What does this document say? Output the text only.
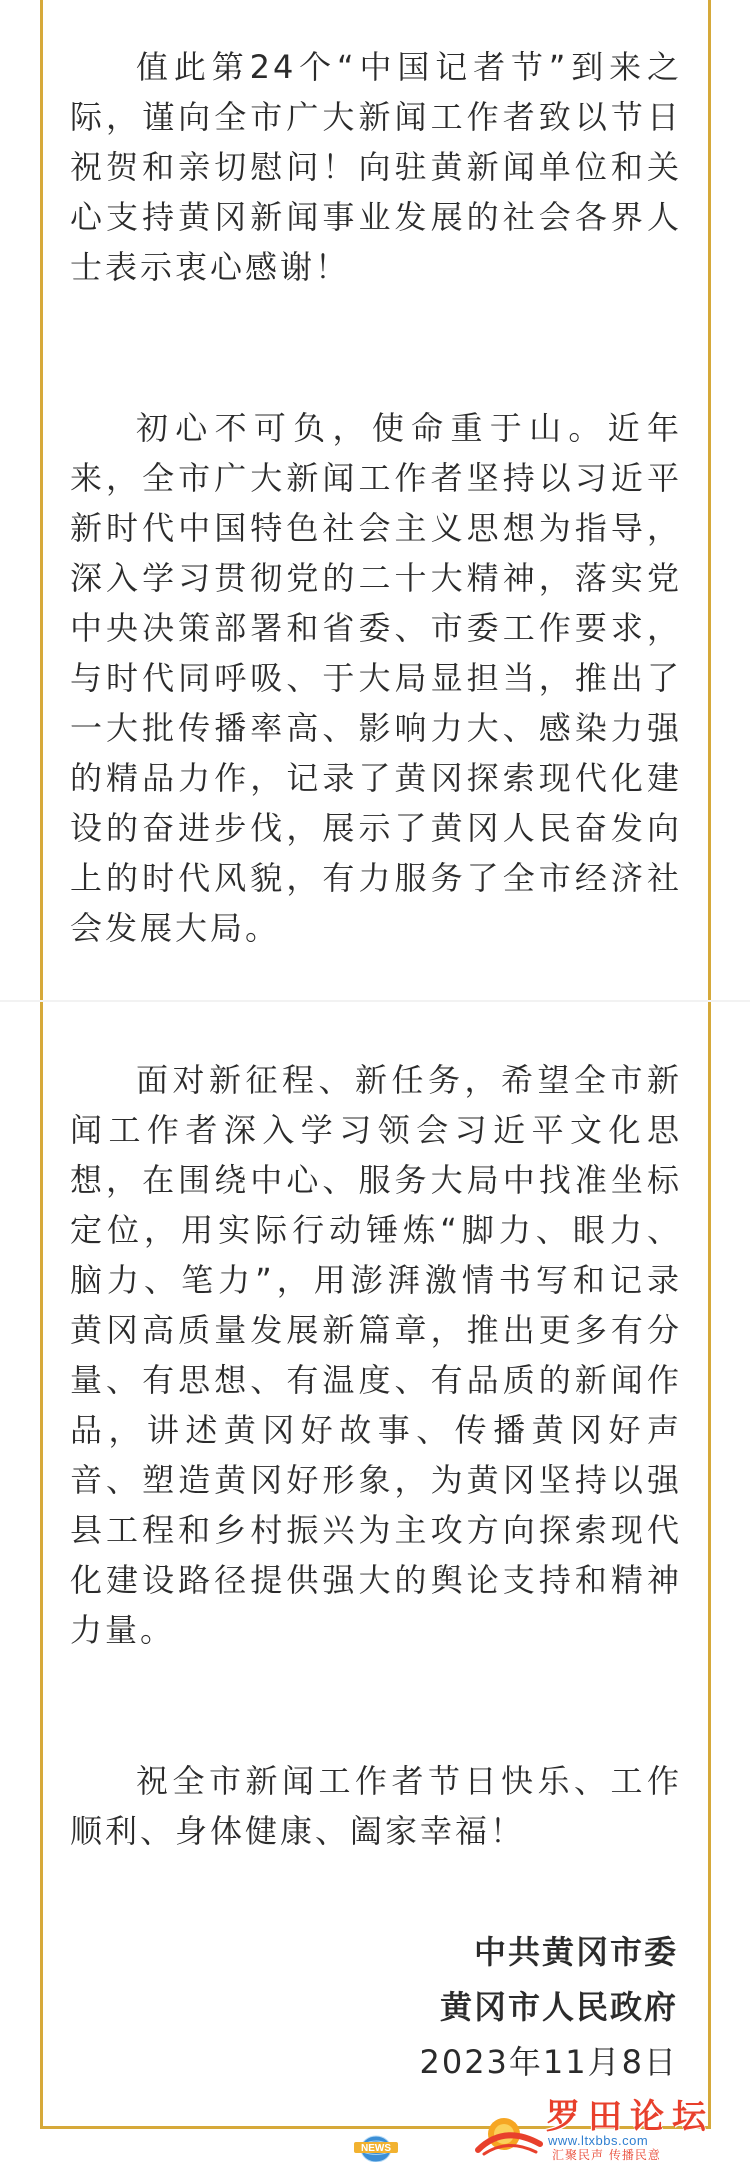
值此第24个“中国记者节”到来之际，谨向全市广大新闻工作者致以节日祝贺和亲切慰问！向驻黄新闻单位和关心支持黄冈新闻事业发展的社会各界人士表示衷心感谢！

初心不可负，使命重于山。近年来，全市广大新闻工作者坚持以习近平新时代中国特色社会主义思想为指导，深入学习贯彻党的二十大精神，落实党中央决策部署和省委、市委工作要求，与时代同呼吸、于大局显担当，推出了一大批传播率高、影响力大、感染力强的精品力作，记录了黄冈探索现代化建设的奋进步伐，展示了黄冈人民奋发向上的时代风貌，有力服务了全市经济社会发展大局。

面对新征程、新任务，希望全市新闻工作者深入学习领会习近平文化思想，在围绕中心、服务大局中找准坐标定位，用实际行动锤炼“脚力、眼力、脑力、笔力”，用澎湃激情书写和记录黄冈高质量发展新篇章，推出更多有分量、有思想、有温度、有品质的新闻作品，讲述黄冈好故事、传播黄冈好声音、塑造黄冈好形象，为黄冈坚持以强县工程和乡村振兴为主攻方向探索现代化建设路径提供强大的舆论支持和精神力量。

祝全市新闻工作者节日快乐、工作顺利、身体健康、阖家幸福！

中共黄冈市委
黄冈市人民政府
2023年11月8日
NEWS
罗田论坛
www.ltxbbs.com
汇聚民声 传播民意
